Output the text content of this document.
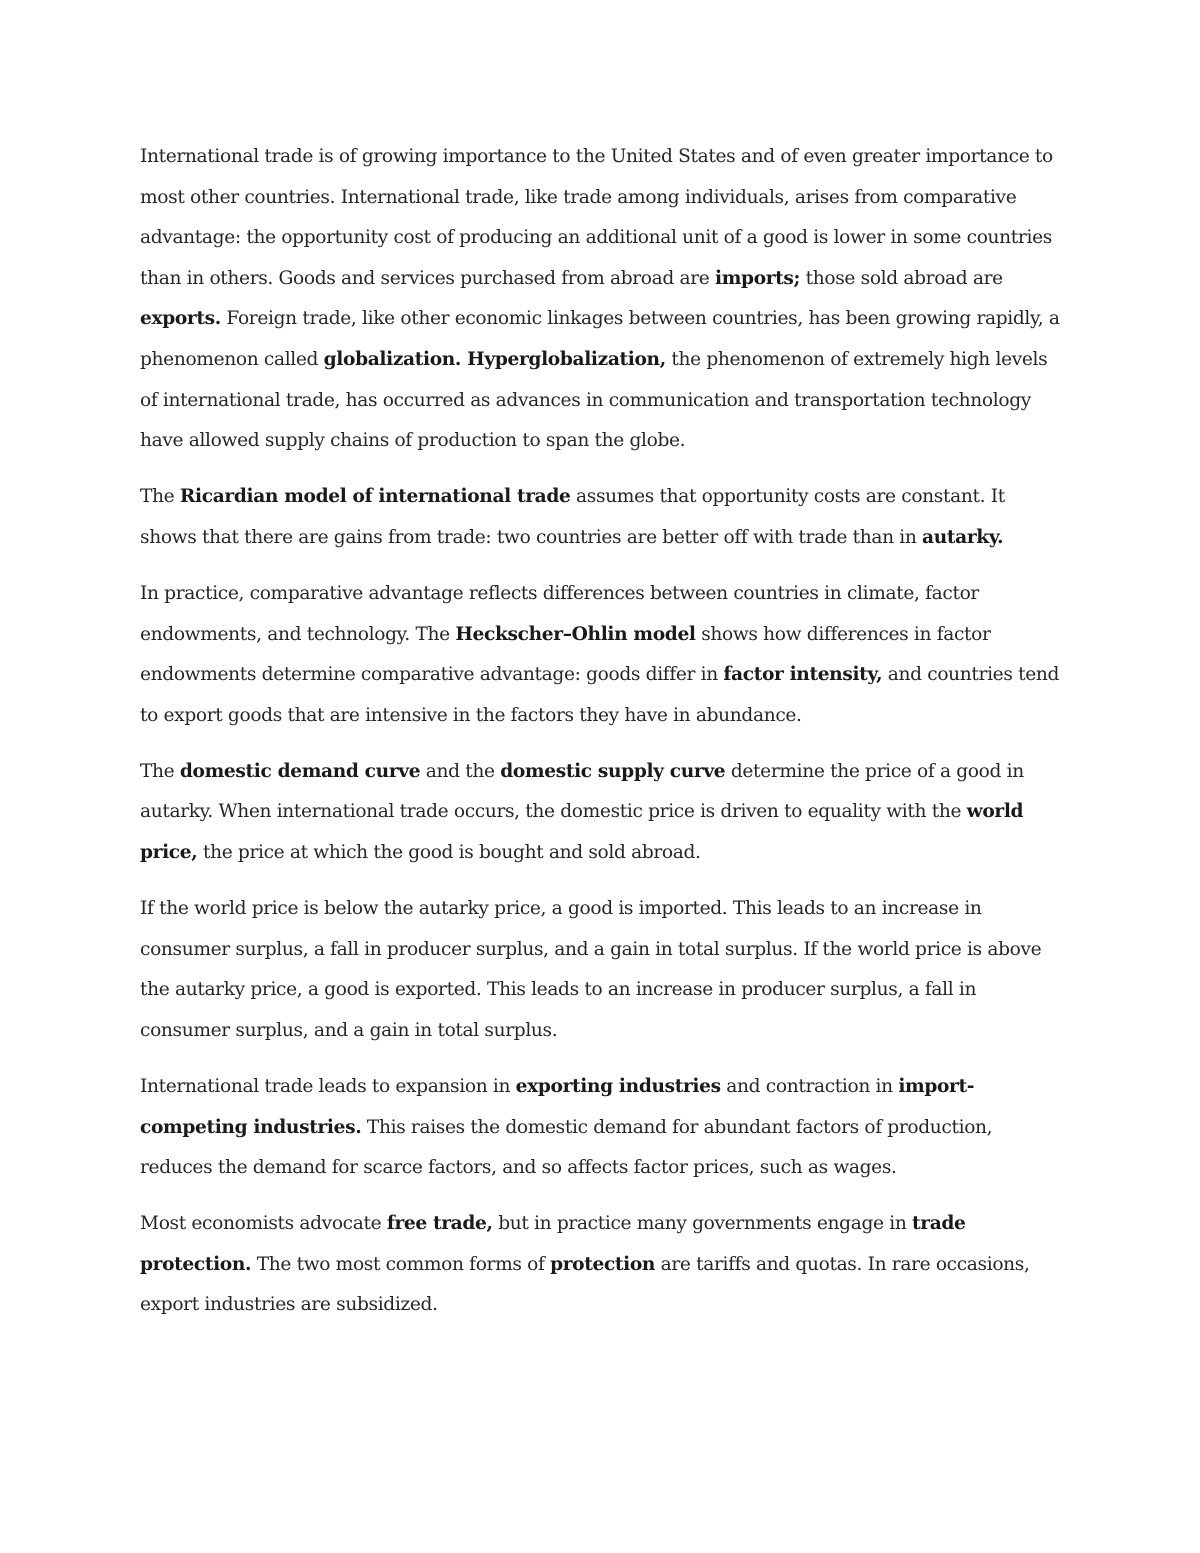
International trade is of growing importance to the United States and of even greater importance to most other countries. International trade, like trade among individuals, arises from comparative advantage: the opportunity cost of producing an additional unit of a good is lower in some countries than in others. Goods and services purchased from abroad are imports; those sold abroad are exports. Foreign trade, like other economic linkages between countries, has been growing rapidly, a phenomenon called globalization. Hyperglobalization, the phenomenon of extremely high levels of international trade, has occurred as advances in communication and transportation technology have allowed supply chains of production to span the globe.

The Ricardian model of international trade assumes that opportunity costs are constant. It shows that there are gains from trade: two countries are better off with trade than in autarky.

In practice, comparative advantage reflects differences between countries in climate, factor endowments, and technology. The Heckscher–Ohlin model shows how differences in factor endowments determine comparative advantage: goods differ in factor intensity, and countries tend to export goods that are intensive in the factors they have in abundance.

The domestic demand curve and the domestic supply curve determine the price of a good in autarky. When international trade occurs, the domestic price is driven to equality with the world price, the price at which the good is bought and sold abroad.

If the world price is below the autarky price, a good is imported. This leads to an increase in consumer surplus, a fall in producer surplus, and a gain in total surplus. If the world price is above the autarky price, a good is exported. This leads to an increase in producer surplus, a fall in consumer surplus, and a gain in total surplus.

International trade leads to expansion in exporting industries and contraction in import-competing industries. This raises the domestic demand for abundant factors of production, reduces the demand for scarce factors, and so affects factor prices, such as wages.

Most economists advocate free trade, but in practice many governments engage in trade protection. The two most common forms of protection are tariffs and quotas. In rare occasions, export industries are subsidized.
